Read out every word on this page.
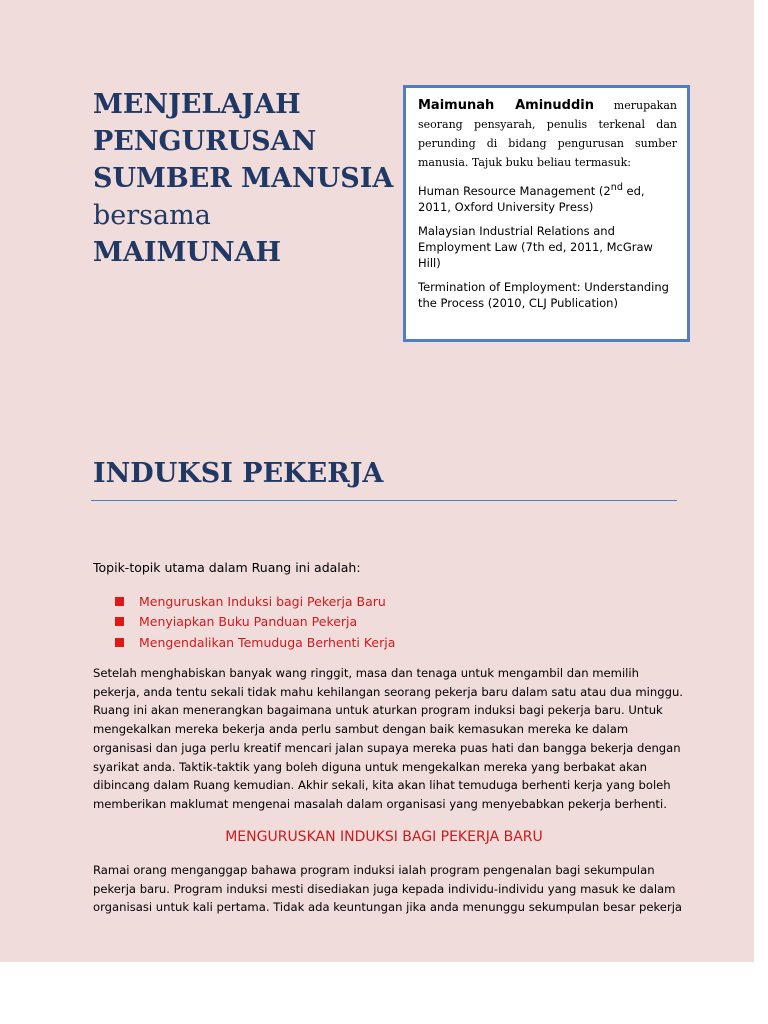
MENJELAJAH
PENGURUSAN
SUMBER MANUSIA
bersama
MAIMUNAH
Maimunah Aminuddin merupakan seorang pensyarah, penulis terkenal dan perunding di bidang pengurusan sumber manusia. Tajuk buku beliau termasuk:
Human Resource Management (2nd ed, 2011, Oxford University Press)
Malaysian Industrial Relations and Employment Law (7th ed, 2011, McGraw Hill)
Termination of Employment: Understanding the Process (2010, CLJ Publication)
INDUKSI PEKERJA
Topik-topik utama dalam Ruang ini adalah:
Menguruskan Induksi bagi Pekerja Baru
Menyiapkan Buku Panduan Pekerja
Mengendalikan Temuduga Berhenti Kerja
Setelah menghabiskan banyak wang ringgit, masa dan tenaga untuk mengambil dan memilih
pekerja, anda tentu sekali tidak mahu kehilangan seorang pekerja baru dalam satu atau dua minggu.
Ruang ini akan menerangkan bagaimana untuk aturkan program induksi bagi pekerja baru. Untuk
mengekalkan mereka bekerja anda perlu sambut dengan baik kemasukan mereka ke dalam
organisasi dan juga perlu kreatif mencari jalan supaya mereka puas hati dan bangga bekerja dengan
syarikat anda. Taktik-taktik yang boleh diguna untuk mengekalkan mereka yang berbakat akan
dibincang dalam Ruang kemudian. Akhir sekali, kita akan lihat temuduga berhenti kerja yang boleh
memberikan maklumat mengenai masalah dalam organisasi yang menyebabkan pekerja berhenti.
MENGURUSKAN INDUKSI BAGI PEKERJA BARU
Ramai orang menganggap bahawa program induksi ialah program pengenalan bagi sekumpulan
pekerja baru. Program induksi mesti disediakan juga kepada individu-individu yang masuk ke dalam
organisasi untuk kali pertama. Tidak ada keuntungan jika anda menunggu sekumpulan besar pekerja
